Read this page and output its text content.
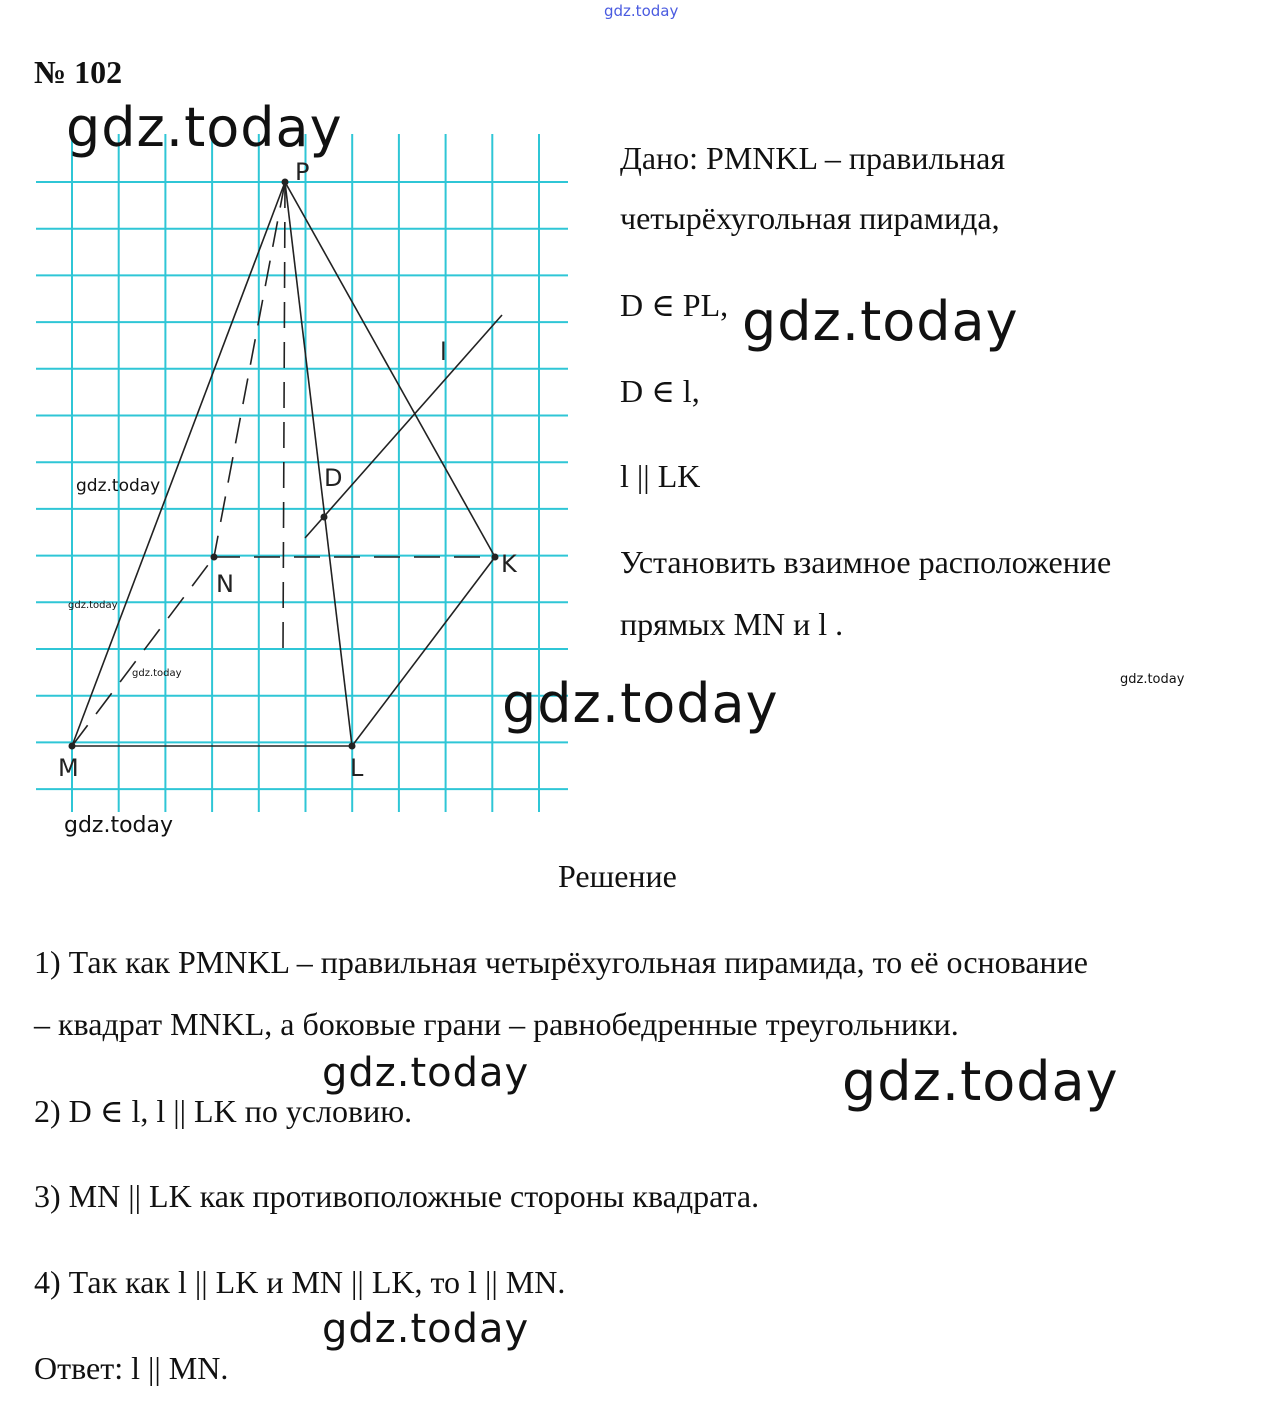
gdz.today
№ 102
P
K
N
M	L
D
l
gdz.today
gdz.today
gdz.today
gdz.today
gdz.today
Дано: PMNKL – правильная
четырёхугольная пирамида,
D ∈ PL, gdz.today
D ∈ l,
l || LK
Установить взаимное расположение
прямых MN и l .
gdz.today
gdz.today
Решение
1) Так как PMNKL – правильная четырёхугольная пирамида, то её основание
– квадрат MNKL, а боковые грани – равнобедренные треугольники.
gdz.today	gdz.today
2) D ∈ l, l || LK по условию.
3) MN || LK как противоположные стороны квадрата.
4) Так как l || LK и MN || LK, то l || MN.
gdz.today
Ответ: l || MN.
